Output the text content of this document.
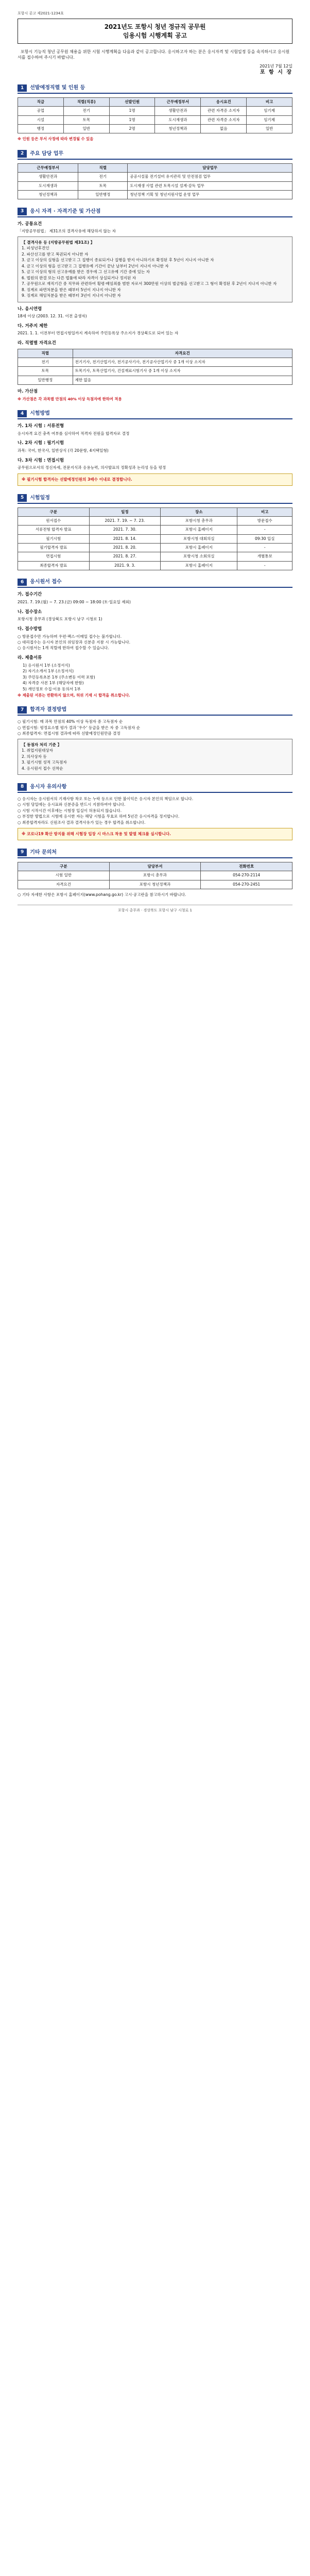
포항시 공고 제2021-1234호
2021년도 포항시 청년 정규직 공무원
임용시험 시행계획 공고

포항시 기능직 청년 공무원 채용을 위한 시험 시행계획을 다음과 같이 공고합니다. 응시하고자 하는 분은 응시자격 및 시험일정 등을 숙지하시고 응시원서를 접수하여 주시기 바랍니다.

2021년 7월 12일
포 항 시 장
1	선발예정직렬 및 인원 등
직급	직렬(직류)	선발인원	근무예정부서	응시요건	비고
공업	전기	1명	생활안전과	관련 자격증 소지자	임기제
시설	토목	1명	도시재생과	관련 자격증 소지자	임기제
행정	일반	2명	청년정책과	없음	일반
※ 인원 등은 부서 사정에 따라 변경될 수 있음
2	주요 담당 업무
근무예정부서	직렬	담당업무
생활안전과	전기	공공시설물 전기설비 유지관리 및 안전점검 업무
도시재생과	토목	도시재생 사업 관련 토목시설 설계·감독 업무
청년정책과	일반행정	청년정책 기획 및 청년지원사업 운영 업무
3	응시 자격 · 자격기준 및 가산점
가. 공통요건
「지방공무원법」 제31조의 결격사유에 해당하지 않는 자
【 결격사유 등 (지방공무원법 제31조) 】
1. 피성년후견인
2. 파산선고를 받고 복권되지 아니한 자
3. 금고 이상의 실형을 선고받고 그 집행이 종료되거나 집행을 받지 아니하기로 확정된 후 5년이 지나지 아니한 자
4. 금고 이상의 형을 선고받고 그 집행유예 기간이 끝난 날부터 2년이 지나지 아니한 자
5. 금고 이상의 형의 선고유예를 받은 경우에 그 선고유예 기간 중에 있는 자
6. 법원의 판결 또는 다른 법률에 따라 자격이 상실되거나 정지된 자
7. 공무원으로 재직기간 중 직무와 관련하여 횡령·배임죄를 범한 자로서 300만원 이상의 벌금형을 선고받고 그 형이 확정된 후 2년이 지나지 아니한 자
8. 징계로 파면처분을 받은 때부터 5년이 지나지 아니한 자
9. 징계로 해임처분을 받은 때부터 3년이 지나지 아니한 자
나. 응시연령
18세 이상 (2003. 12. 31. 이전 출생자)
다. 거주지 제한
2021. 1. 1. 이전부터 면접시험일까지 계속하여 주민등록상 주소지가 경상북도로 되어 있는 자
라. 직렬별 자격요건
직렬	자격요건
전기	전기기사, 전기산업기사, 전기공사기사, 전기공사산업기사 중 1개 이상 소지자
토목	토목기사, 토목산업기사, 건설재료시험기사 중 1개 이상 소지자
일반행정	제한 없음
마. 가산점
※ 가산점은 각 과목별 만점의 40% 이상 득점자에 한하여 적용
4	시험방법
가. 1차 시험 : 서류전형
응시자격 요건 충족 여부를 심사하여 적격자 전원을 합격자로 결정
나. 2차 시험 : 필기시험
과목: 국어, 한국사, 일반상식 (각 20문항, 4지택일형)
다. 3차 시험 : 면접시험
공무원으로서의 정신자세, 전문지식과 응용능력, 의사발표의 정확성과 논리성 등을 평정
※ 필기시험 합격자는 선발예정인원의 3배수 이내로 결정합니다.
5	시험일정
구분	일정	장소	비고
원서접수	2021. 7. 19. ~ 7. 23.	포항시청 총무과	방문접수
서류전형 합격자 발표	2021. 7. 30.	포항시 홈페이지	-
필기시험	2021. 8. 14.	포항시청 대회의실	09:30 입실
필기합격자 발표	2021. 8. 20.	포항시 홈페이지	-
면접시험	2021. 8. 27.	포항시청 소회의실	개별통보
최종합격자 발표	2021. 9. 3.	포항시 홈페이지	-
6	응시원서 접수
가. 접수기간
2021. 7. 19.(월) ~ 7. 23.(금) 09:00 ~ 18:00 (토·일요일 제외)
나. 접수장소
포항시청 총무과 (경상북도 포항시 남구 시청로 1)
다. 접수방법
○ 방문접수만 가능하며 우편·팩스·이메일 접수는 불가합니다.
○ 대리접수는 응시자 본인의 위임장과 신분증 지참 시 가능합니다.
○ 응시원서는 1개 직렬에 한하여 접수할 수 있습니다.
라. 제출서류
1) 응시원서 1부 (소정서식)
2) 자기소개서 1부 (소정서식)
3) 주민등록초본 1부 (주소변동 이력 포함)
4) 자격증 사본 1부 (해당자에 한함)
5) 개인정보 수집·이용 동의서 1부
※ 제출된 서류는 반환하지 않으며, 허위 기재 시 합격을 취소합니다.
7	합격자 결정방법
○ 필기시험: 매 과목 만점의 40% 이상 득점자 중 고득점자 순
○ 면접시험: 평정요소별 평가 결과 '우수' 등급을 받은 자 중 고득점자 순
○ 최종합격자: 면접시험 결과에 따라 선발예정인원만큼 결정
【 동점자 처리 기준 】
1. 취업지원대상자
2. 의사상자 등
3. 필기시험 성적 고득점자
4. 응시원서 접수 선착순
8	응시자 유의사항
○ 응시자는 응시원서의 기재사항 착오 또는 누락 등으로 인한 불이익은 응시자 본인의 책임으로 합니다.
○ 시험 당일에는 응시표와 신분증을 반드시 지참하여야 합니다.
○ 시험 시작시간 이후에는 시험장 입실이 허용되지 않습니다.
○ 부정한 방법으로 시험에 응시한 자는 해당 시험을 무효로 하며 5년간 응시자격을 정지합니다.
○ 최종합격자라도 신원조사 결과 결격사유가 있는 경우 합격을 취소합니다.
※ 코로나19 확산 방지를 위해 시험장 입장 시 마스크 착용 및 발열 체크를 실시합니다.
9	기타 문의처
구분	담당부서	전화번호
시험 일반	포항시 총무과	054-270-2114
자격요건	포항시 청년정책과	054-270-2451
○ 기타 자세한 사항은 포항시 홈페이지(www.pohang.go.kr) 고시·공고란을 참고하시기 바랍니다.
포항시 총무과 · 경상북도 포항시 남구 시청로 1
